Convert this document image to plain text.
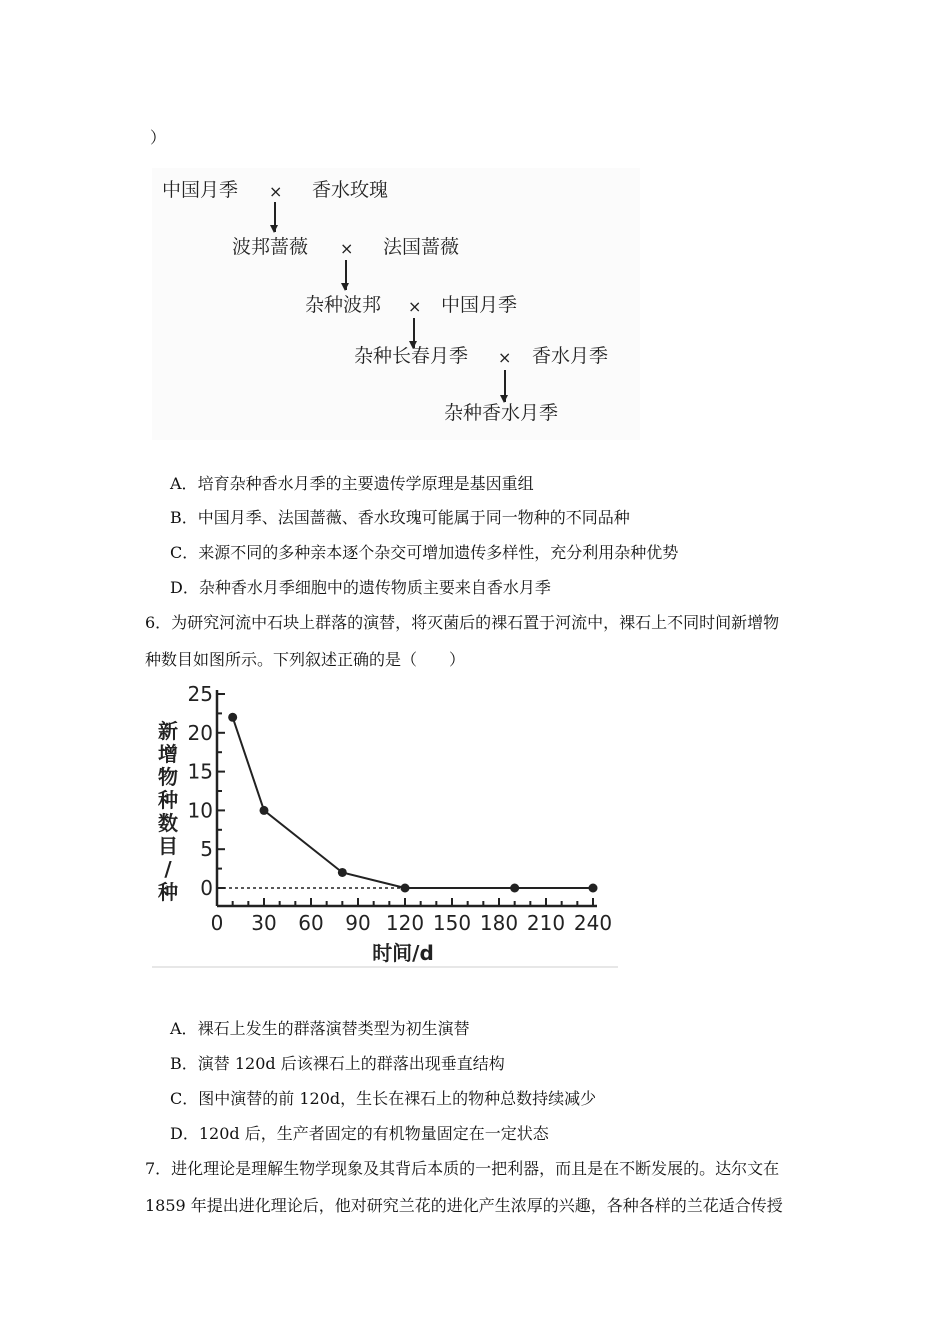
）
中国月季 × 香水玫瑰
波邦蔷薇 × 法国蔷薇
杂种波邦 × 中国月季
杂种长春月季 × 香水月季
杂种香水月季
A．培育杂种香水月季的主要遗传学原理是基因重组
B．中国月季、法国蔷薇、香水玫瑰可能属于同一物种的不同品种
C．来源不同的多种亲本逐个杂交可增加遗传多样性，充分利用杂种优势
D．杂种香水月季细胞中的遗传物质主要来自香水月季
6．为研究河流中石块上群落的演替，将灭菌后的裸石置于河流中，裸石上不同时间新增物
种数目如图所示。下列叙述正确的是（　　）
0
5
10
15
20
25
0 30 60 90 120 150 180 210 240
新
增
物
种
数
目
/
种
时间/d
A．裸石上发生的群落演替类型为初生演替
B．演替 120d 后该裸石上的群落出现垂直结构
C．图中演替的前 120d，生长在裸石上的物种总数持续减少
D．120d 后，生产者固定的有机物量固定在一定状态
7．进化理论是理解生物学现象及其背后本质的一把利器，而且是在不断发展的。达尔文在
1859 年提出进化理论后，他对研究兰花的进化产生浓厚的兴趣，各种各样的兰花适合传授
